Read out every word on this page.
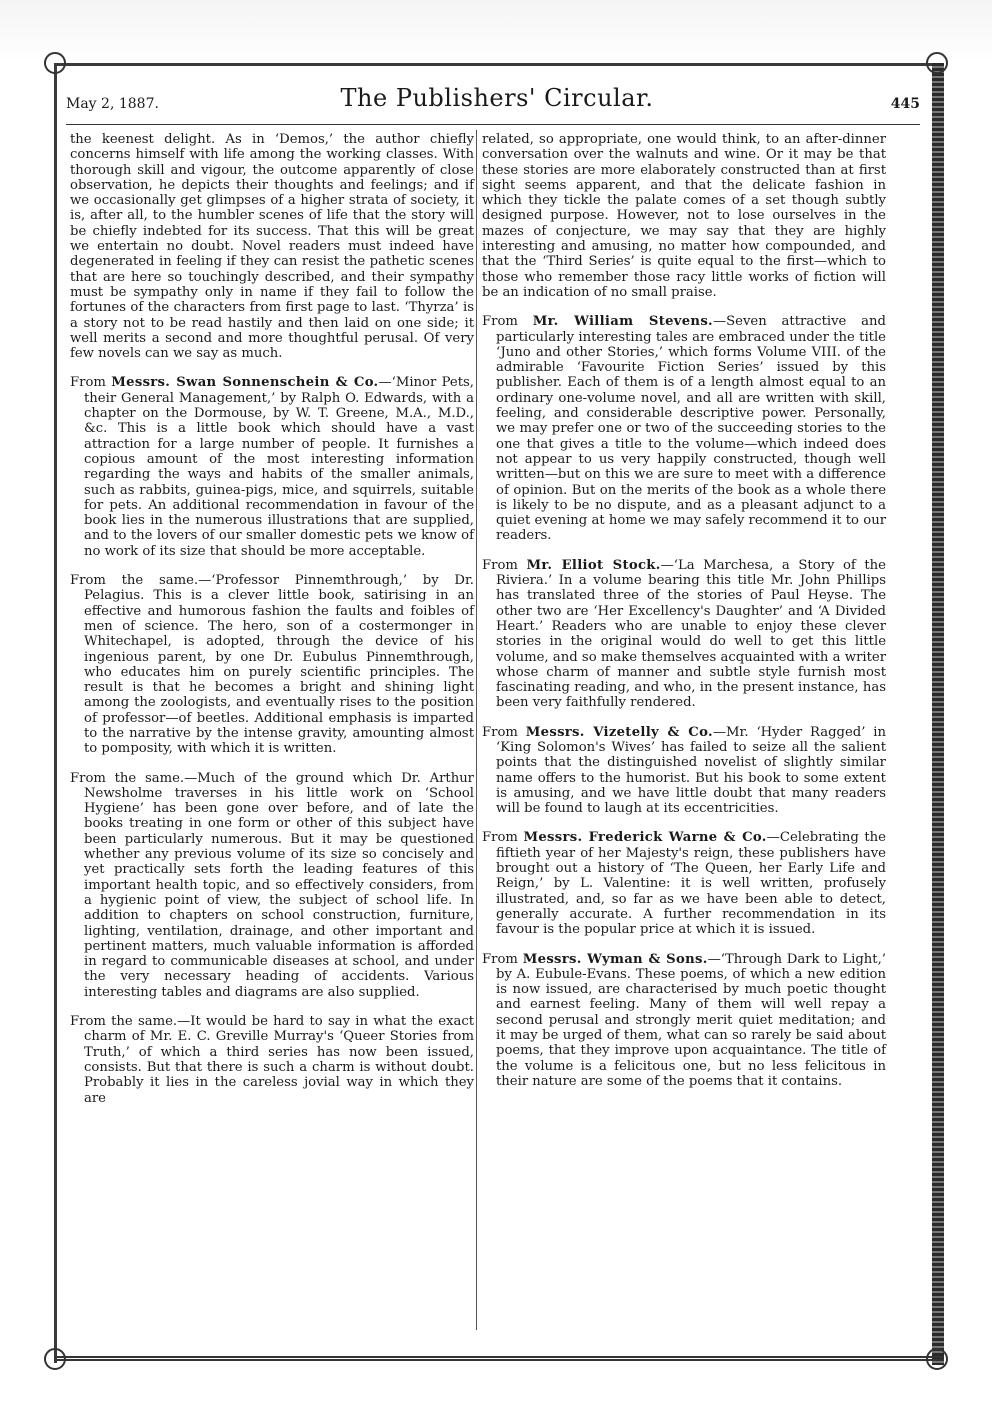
May 2, 1887.	The Publishers' Circular.	445

the keenest delight. As in ‘Demos,’ the author chiefly concerns himself with life among the working classes. With thorough skill and vigour, the outcome apparently of close observation, he depicts their thoughts and feelings; and if we occasionally get glimpses of a higher strata of society, it is, after all, to the humbler scenes of life that the story will be chiefly indebted for its success. That this will be great we entertain no doubt. Novel readers must indeed have degenerated in feeling if they can resist the pathetic scenes that are here so touchingly described, and their sympathy must be sympathy only in name if they fail to follow the fortunes of the characters from first page to last. ‘Thyrza’ is a story not to be read hastily and then laid on one side; it well merits a second and more thoughtful perusal. Of very few novels can we say as much.

From Messrs. Swan Sonnenschein & Co.—‘Minor Pets, their General Management,’ by Ralph O. Edwards, with a chapter on the Dormouse, by W. T. Greene, M.A., M.D., &c. This is a little book which should have a vast attraction for a large number of people. It furnishes a copious amount of the most interesting information regarding the ways and habits of the smaller animals, such as rabbits, guinea-pigs, mice, and squirrels, suitable for pets. An additional recommendation in favour of the book lies in the numerous illustrations that are supplied, and to the lovers of our smaller domestic pets we know of no work of its size that should be more acceptable.

From the same.—‘Professor Pinnemthrough,’ by Dr. Pelagius. This is a clever little book, satirising in an effective and humorous fashion the faults and foibles of men of science. The hero, son of a costermonger in Whitechapel, is adopted, through the device of his ingenious parent, by one Dr. Eubulus Pinnemthrough, who educates him on purely scientific principles. The result is that he becomes a bright and shining light among the zoologists, and eventually rises to the position of professor—of beetles. Additional emphasis is imparted to the narrative by the intense gravity, amounting almost to pomposity, with which it is written.

From the same.—Much of the ground which Dr. Arthur Newsholme traverses in his little work on ‘School Hygiene’ has been gone over before, and of late the books treating in one form or other of this subject have been particularly numerous. But it may be questioned whether any previous volume of its size so concisely and yet practically sets forth the leading features of this important health topic, and so effectively considers, from a hygienic point of view, the subject of school life. In addition to chapters on school construction, furniture, lighting, ventilation, drainage, and other important and pertinent matters, much valuable information is afforded in regard to communicable diseases at school, and under the very necessary heading of accidents. Various interesting tables and diagrams are also supplied.

From the same.—It would be hard to say in what the exact charm of Mr. E. C. Greville Murray's ‘Queer Stories from Truth,’ of which a third series has now been issued, consists. But that there is such a charm is without doubt. Probably it lies in the careless jovial way in which they are

related, so appropriate, one would think, to an after-dinner conversation over the walnuts and wine. Or it may be that these stories are more elaborately constructed than at first sight seems apparent, and that the delicate fashion in which they tickle the palate comes of a set though subtly designed purpose. However, not to lose ourselves in the mazes of conjecture, we may say that they are highly interesting and amusing, no matter how compounded, and that the ‘Third Series’ is quite equal to the first—which to those who remember those racy little works of fiction will be an indication of no small praise.

From Mr. William Stevens.—Seven attractive and particularly interesting tales are embraced under the title ‘Juno and other Stories,’ which forms Volume VIII. of the admirable ‘Favourite Fiction Series’ issued by this publisher. Each of them is of a length almost equal to an ordinary one-volume novel, and all are written with skill, feeling, and considerable descriptive power. Personally, we may prefer one or two of the succeeding stories to the one that gives a title to the volume—which indeed does not appear to us very happily constructed, though well written—but on this we are sure to meet with a difference of opinion. But on the merits of the book as a whole there is likely to be no dispute, and as a pleasant adjunct to a quiet evening at home we may safely recommend it to our readers.

From Mr. Elliot Stock.—‘La Marchesa, a Story of the Riviera.’ In a volume bearing this title Mr. John Phillips has translated three of the stories of Paul Heyse. The other two are ‘Her Excellency's Daughter’ and ‘A Divided Heart.’ Readers who are unable to enjoy these clever stories in the original would do well to get this little volume, and so make themselves acquainted with a writer whose charm of manner and subtle style furnish most fascinating reading, and who, in the present instance, has been very faithfully rendered.

From Messrs. Vizetelly & Co.—Mr. ‘Hyder Ragged’ in ‘King Solomon's Wives’ has failed to seize all the salient points that the distinguished novelist of slightly similar name offers to the humorist. But his book to some extent is amusing, and we have little doubt that many readers will be found to laugh at its eccentricities.

From Messrs. Frederick Warne & Co.—Celebrating the fiftieth year of her Majesty's reign, these publishers have brought out a history of ‘The Queen, her Early Life and Reign,’ by L. Valentine: it is well written, profusely illustrated, and, so far as we have been able to detect, generally accurate. A further recommendation in its favour is the popular price at which it is issued.

From Messrs. Wyman & Sons.—‘Through Dark to Light,’ by A. Eubule-Evans. These poems, of which a new edition is now issued, are characterised by much poetic thought and earnest feeling. Many of them will well repay a second perusal and strongly merit quiet meditation; and it may be urged of them, what can so rarely be said about poems, that they improve upon acquaintance. The title of the volume is a felicitous one, but no less felicitous in their nature are some of the poems that it contains.
